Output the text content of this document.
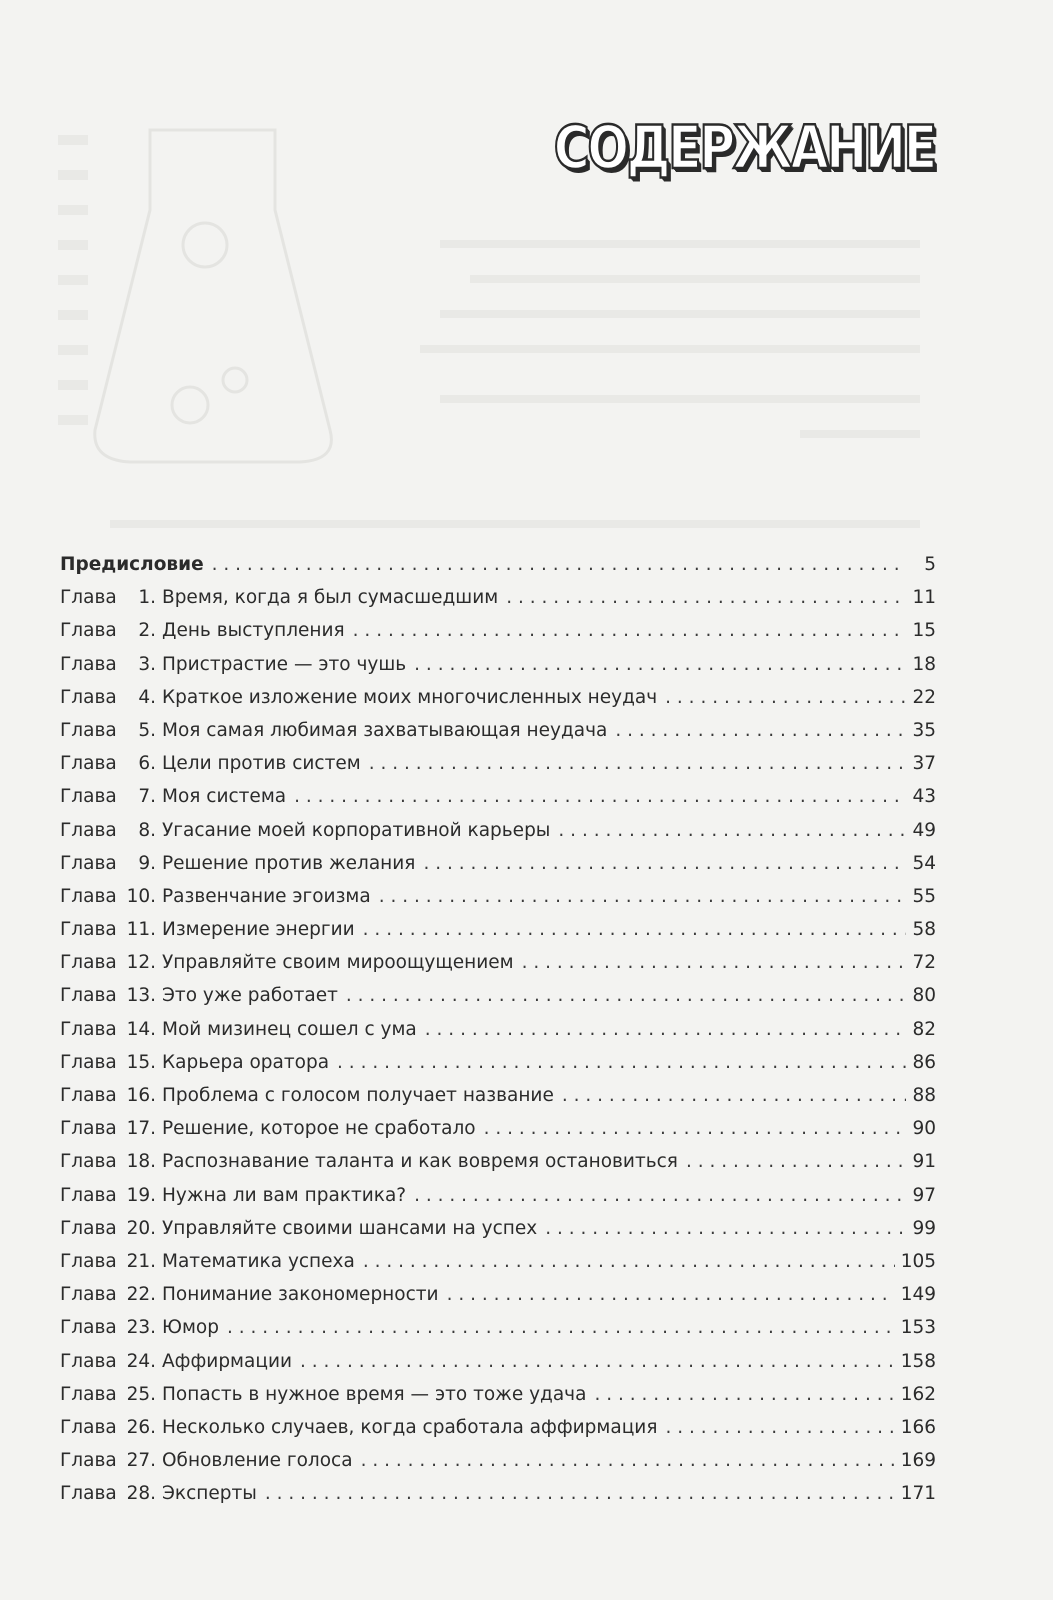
СОДЕРЖАНИЕ
Предисловие . . .	5
Глава	1. Время, когда я был сумасшедшим . . .	11
Глава	2. День выступления . . .	15
Глава	3. Пристрастие — это чушь . . .	18
Глава	4. Краткое изложение моих многочисленных неудач . . .	22
Глава	5. Моя самая любимая захватывающая неудача . . .	35
Глава	6. Цели против систем . . .	37
Глава	7. Моя система . . .	43
Глава	8. Угасание моей корпоративной карьеры . . .	49
Глава	9. Решение против желания . . .	54
Глава 10. Развенчание эгоизма . . .	55
Глава 11. Измерение энергии . . .	58
Глава 12. Управляйте своим мироощущением . . .	72
Глава 13. Это уже работает . . .	80
Глава 14. Мой мизинец сошел с ума . . .	82
Глава 15. Карьера оратора . . .	86
Глава 16. Проблема с голосом получает название . . .	88
Глава 17. Решение, которое не сработало . . .	90
Глава 18. Распознавание таланта и как вовремя остановиться . . .	91
Глава 19. Нужна ли вам практика? . . .	97
Глава 20. Управляйте своими шансами на успех . . .	99
Глава 21. Математика успеха . . .	105
Глава 22. Понимание закономерности . . .	149
Глава 23. Юмор . . .	153
Глава 24. Аффирмации . . .	158
Глава 25. Попасть в нужное время — это тоже удача . . .	162
Глава 26. Несколько случаев, когда сработала аффирмация . . .	166
Глава 27. Обновление голоса . . .	169
Глава 28. Эксперты . . .	171
